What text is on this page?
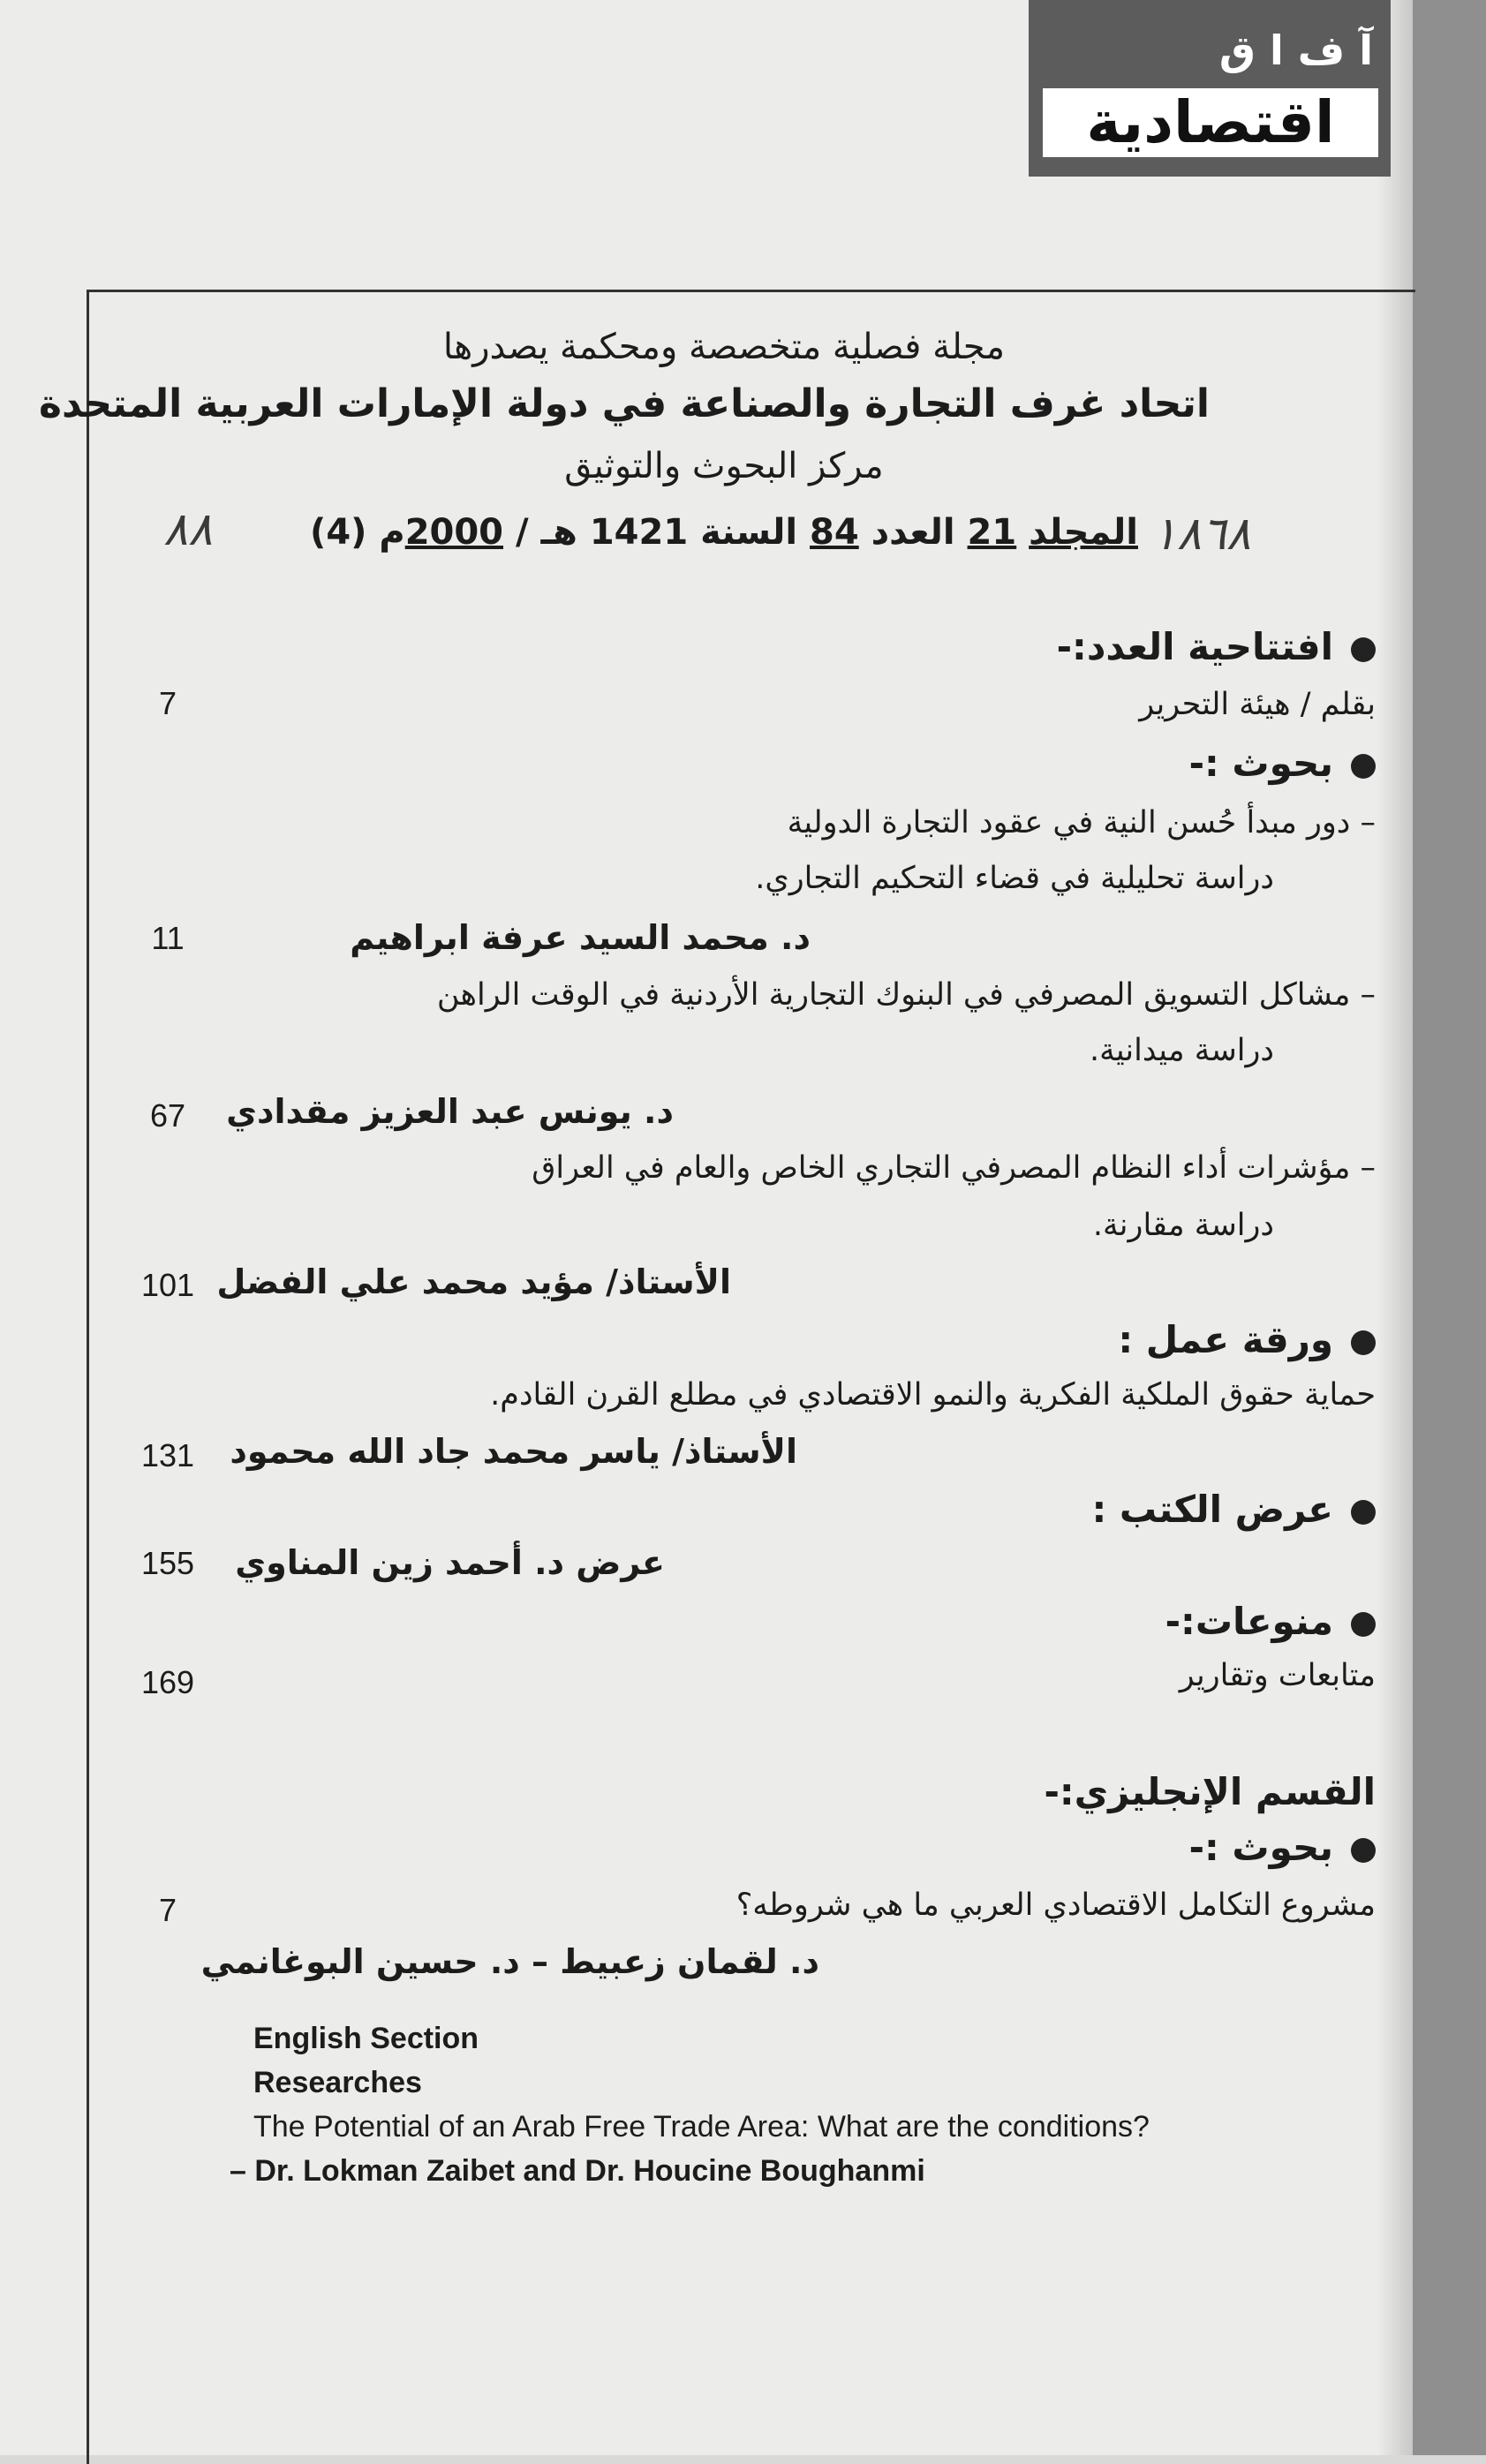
آ ف ا ق
اقتصادية
مجلة فصلية متخصصة ومحكمة يصدرها
اتحاد غرف التجارة والصناعة في دولة الإمارات العربية المتحدة
مركز البحوث والتوثيق
المجلد 21 العدد 84 السنة 1421 هـ / 2000م (4)
٨٨	١٨٦٨
افتتاحية العدد:-
بقلم / هيئة التحرير
7
بحوث :-
– دور مبدأ حُسن النية في عقود التجارة الدولية
دراسة تحليلية في قضاء التحكيم التجاري.
د. محمد السيد عرفة ابراهيم
11
– مشاكل التسويق المصرفي في البنوك التجارية الأردنية في الوقت الراهن
دراسة ميدانية.
د. يونس عبد العزيز مقدادي
67
– مؤشرات أداء النظام المصرفي التجاري الخاص والعام في العراق
دراسة مقارنة.
الأستاذ/ مؤيد محمد علي الفضل
101
ورقة عمل :
حماية حقوق الملكية الفكرية والنمو الاقتصادي في مطلع القرن القادم.
الأستاذ/ ياسر محمد جاد الله محمود
131
عرض الكتب :
عرض د. أحمد زين المناوي
155
منوعات:-
متابعات وتقارير
169
القسم الإنجليزي:-
بحوث :-
مشروع التكامل الاقتصادي العربي ما هي شروطه؟
7
د. لقمان زعبيط – د. حسين البوغانمي
English Section
Researches
The Potential of an Arab Free Trade Area: What are the conditions?
– Dr. Lokman Zaibet and Dr. Houcine Boughanmi
